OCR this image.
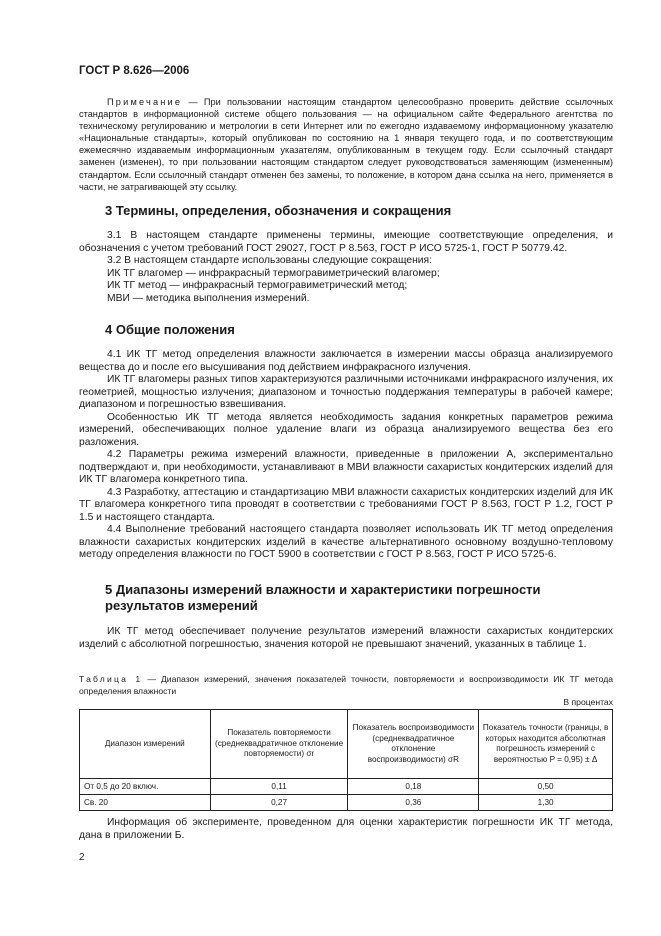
ГОСТ Р 8.626—2006

Примечание — При пользовании настоящим стандартом целесообразно проверить действие ссылочных стандартов в информационной системе общего пользования — на официальном сайте Федерального агентства по техническому регулированию и метрологии в сети Интернет или по ежегодно издаваемому информационному указателю «Национальные стандарты», который опубликован по состоянию на 1 января текущего года, и по соответствующим ежемесячно издаваемым информационным указателям, опубликованным в текущем году. Если ссылочный стандарт заменен (изменен), то при пользовании настоящим стандартом следует руководствоваться заменяющим (измененным) стандартом. Если ссылочный стандарт отменен без замены, то положение, в котором дана ссылка на него, применяется в части, не затрагивающей эту ссылку.

3 Термины, определения, обозначения и сокращения

3.1 В настоящем стандарте применены термины, имеющие соответствующие определения, и обозначения с учетом требований ГОСТ 29027, ГОСТ Р 8.563, ГОСТ Р ИСО 5725-1, ГОСТ Р 50779.42.

3.2 В настоящем стандарте использованы следующие сокращения:

ИК ТГ влагомер — инфракрасный термогравиметрический влагомер;

ИК ТГ метод — инфракрасный термогравиметрический метод;

МВИ — методика выполнения измерений.

4 Общие положения

4.1 ИК ТГ метод определения влажности заключается в измерении массы образца анализируемого вещества до и после его высушивания под действием инфракрасного излучения.

ИК ТГ влагомеры разных типов характеризуются различными источниками инфракрасного излучения, их геометрией, мощностью излучения; диапазоном и точностью поддержания температуры в рабочей камере; диапазоном и погрешностью взвешивания.

Особенностью ИК ТГ метода является необходимость задания конкретных параметров режима измерений, обеспечивающих полное удаление влаги из образца анализируемого вещества без его разложения.

4.2 Параметры режима измерений влажности, приведенные в приложении А, экспериментально подтверждают и, при необходимости, устанавливают в МВИ влажности сахаристых кондитерских изделий для ИК ТГ влагомера конкретного типа.

4.3 Разработку, аттестацию и стандартизацию МВИ влажности сахаристых кондитерских изделий для ИК ТГ влагомера конкретного типа проводят в соответствии с требованиями ГОСТ Р 8.563, ГОСТ Р 1.2, ГОСТ Р 1.5 и настоящего стандарта.

4.4 Выполнение требований настоящего стандарта позволяет использовать ИК ТГ метод определения влажности сахаристых кондитерских изделий в качестве альтернативного основному воздушно-тепловому методу определения влажности по ГОСТ 5900 в соответствии с ГОСТ Р 8.563, ГОСТ Р ИСО 5725-6.

5 Диапазоны измерений влажности и характеристики погрешности результатов измерений

ИК ТГ метод обеспечивает получение результатов измерений влажности сахаристых кондитерских изделий с абсолютной погрешностью, значения которой не превышают значений, указанных в таблице 1.

Таблица 1 — Диапазон измерений, значения показателей точности, повторяемости и воспроизводимости ИК ТГ метода определения влажности
В процентах
Диапазон измерений	Показатель повторяемости (среднеквадратичное отклонение повторяемости) σr	Показатель воспроизводимости (среднеквадратичное отклонение воспроизводимости) σR	Показатель точности (границы, в которых находится абсолютная погрешность измерений с вероятностью P = 0,95) ± Δ
От 0,5 до 20 включ.	0,11	0,18	0,50
Св. 20	0,27	0,36	1,30

Информация об эксперименте, проведенном для оценки характеристик погрешности ИК ТГ метода, дана в приложении Б.

2
